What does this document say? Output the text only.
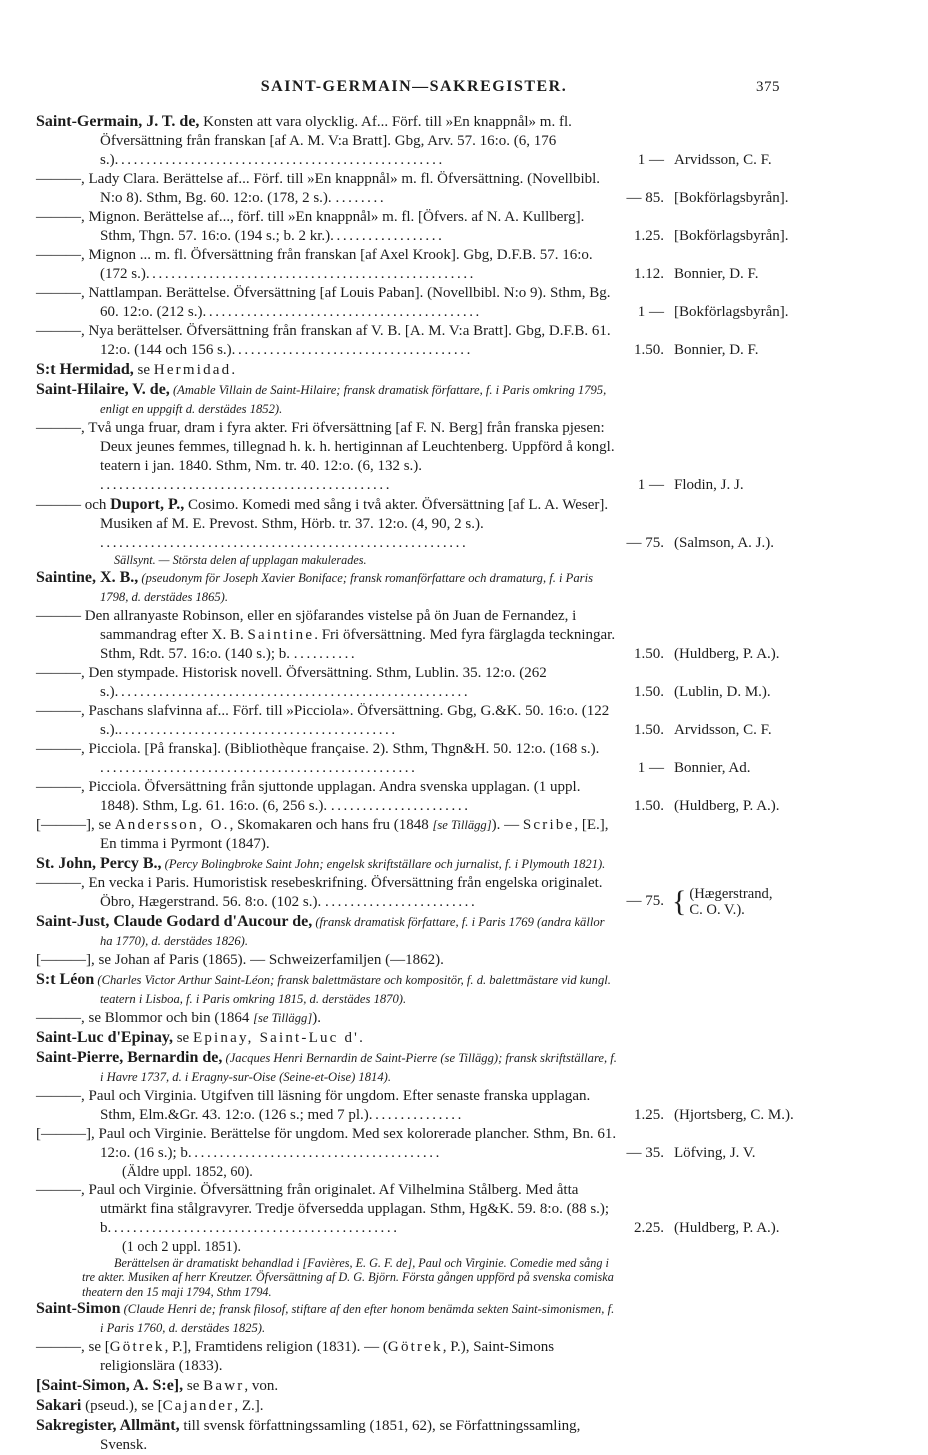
SAINT-GERMAIN—SAKREGISTER.	375
Saint-Germain, J. T. de, Konsten att vara olycklig. Af... Förf. till »En knappnål» m. fl. Öfversättning från franskan [af A. M. V:a Bratt]. Gbg, Arv. 57. 16:o. (6, 176 s.)....................................................	1 — Arvidsson, C. F.
———, Lady Clara. Berättelse af... Förf. till »En knappnål» m. fl. Öfversättning. (Novellbibl. N:o 8). Sthm, Bg. 60. 12:o. (178, 2 s.). ........	— 85. [Bokförlagsbyrån].
———, Mignon. Berättelse af..., förf. till »En knappnål» m. fl. [Öfvers. af N. A. Kullberg]. Sthm, Thgn. 57. 16:o. (194 s.; b. 2 kr.)..................	1.25. [Bokförlagsbyrån].
———, Mignon ... m. fl. Öfversättning från franskan [af Axel Krook]. Gbg, D.F.B. 57. 16:o. (172 s.)....................................................	1.12. Bonnier, D. F.
———, Nattlampan. Berättelse. Öfversättning [af Louis Paban]. (Novellbibl. N:o 9). Sthm, Bg. 60. 12:o. (212 s.)............................................	1 — [Bokförlagsbyrån].
———, Nya berättelser. Öfversättning från franskan af V. B. [A. M. V:a Bratt]. Gbg, D.F.B. 61. 12:o. (144 och 156 s.)......................................	1.50. Bonnier, D. F.
S:t Hermidad, se Hermidad.
Saint-Hilaire, V. de, (Amable Villain de Saint-Hilaire; fransk dramatisk författare, f. i Paris omkring 1795, enligt en uppgift d. derstädes 1852).
———, Två unga fruar, dram i fyra akter. Fri öfversättning [af F. N. Berg] från franska pjesen: Deux jeunes femmes, tillegnad h. k. h. hertiginnan af Leuchtenberg. Uppförd å kongl. teatern i jan. 1840. Sthm, Nm. tr. 40. 12:o. (6, 132 s.). ..............................................	1 — Flodin, J. J.
——— och Duport, P., Cosimo. Komedi med sång i två akter. Öfversättning [af L. A. Weser]. Musiken af M. E. Prevost. Sthm, Hörb. tr. 37. 12:o. (4, 90, 2 s.). ..........................................................	— 75. (Salmson, A. J.).
Sällsynt. — Största delen af upplagan makulerades.
Saintine, X. B., (pseudonym för Joseph Xavier Boniface; fransk romanförfattare och dramaturg, f. i Paris 1798, d. derstädes 1865).
——— Den allranyaste Robinson, eller en sjöfarandes vistelse på ön Juan de Fernandez, i sammandrag efter X. B. Saintine. Fri öfversättning. Med fyra färglagda teckningar. Sthm, Rdt. 57. 16:o. (140 s.); b. ..........	1.50. (Huldberg, P. A.).
———, Den stympade. Historisk novell. Öfversättning. Sthm, Lublin. 35. 12:o. (262 s.)........................................................	1.50. (Lublin, D. M.).
———, Paschans slafvinna af... Förf. till »Picciola». Öfversättning. Gbg, G.&K. 50. 16:o. (122 s.).............................................	1.50. Arvidsson, C. F.
———, Picciola. [På franska]. (Bibliothèque française. 2). Sthm, Thgn&H. 50. 12:o. (168 s.). ..................................................	1 — Bonnier, Ad.
———, Picciola. Öfversättning från sjuttonde upplagan. Andra svenska upplagan. (1 uppl. 1848). Sthm, Lg. 61. 16:o. (6, 256 s.). ......................	1.50. (Huldberg, P. A.).
[———], se Andersson, O., Skomakaren och hans fru (1848 [se Tillägg]). — Scribe, [E.], En timma i Pyrmont (1847).
St. John, Percy B., (Percy Bolingbroke Saint John; engelsk skriftställare och jurnalist, f. i Plymouth 1821).
———, En vecka i Paris. Humoristisk resebeskrifning. Öfversättning från engelska originalet. Öbro, Hægerstrand. 56. 8:o. (102 s.). ........................	— 75. { (Hægerstrand,
C. O. V.).
Saint-Just, Claude Godard d'Aucour de, (fransk dramatisk författare, f. i Paris 1769 (andra källor ha 1770), d. derstädes 1826).
[———], se Johan af Paris (1865). — Schweizerfamiljen (—1862).
S:t Léon (Charles Victor Arthur Saint-Léon; fransk balettmästare och kompositör, f. d. balettmästare vid kungl. teatern i Lisboa, f. i Paris omkring 1815, d. derstädes 1870).
———, se Blommor och bin (1864 [se Tillägg]).
Saint-Luc d'Epinay, se Epinay, Saint-Luc d'.
Saint-Pierre, Bernardin de, (Jacques Henri Bernardin de Saint-Pierre (se Tillägg); fransk skriftställare, f. i Havre 1737, d. i Eragny-sur-Oise (Seine-et-Oise) 1814).
———, Paul och Virginia. Utgifven till läsning för ungdom. Efter senaste franska upplagan. Sthm, Elm.&Gr. 43. 12:o. (126 s.; med 7 pl.)...............	1.25. (Hjortsberg, C. M.).
[———], Paul och Virginie. Berättelse för ungdom. Med sex kolorerade plancher. Sthm, Bn. 61. 12:o. (16 s.); b........................................	— 35. Löfving, J. V.
(Äldre uppl. 1852, 60).
———, Paul och Virginie. Öfversättning från originalet. Af Vilhelmina Stålberg. Med åtta utmärkt fina stålgravyrer. Tredje öfversedda upplagan. Sthm, Hg&K. 59. 8:o. (88 s.); b..............................................	2.25. (Huldberg, P. A.).
(1 och 2 uppl. 1851).
Berättelsen är dramatiskt behandlad i [Favières, E. G. F. de], Paul och Virginie. Comedie med sång i tre akter. Musiken af herr Kreutzer. Öfversättning af D. G. Björn. Första gången uppförd på svenska comiska theatern den 15 maji 1794, Sthm 1794.
Saint-Simon (Claude Henri de; fransk filosof, stiftare af den efter honom benämda sekten Saint-simonismen, f. i Paris 1760, d. derstädes 1825).
———, se [Götrek, P.], Framtidens religion (1831). — (Götrek, P.), Saint-Simons religionslära (1833).
[Saint-Simon, A. S:e], se Bawr, von.
Sakari (pseud.), se [Cajander, Z.].
Sakregister, Allmänt, till svensk författningssamling (1851, 62), se Författningssamling, Svensk.
